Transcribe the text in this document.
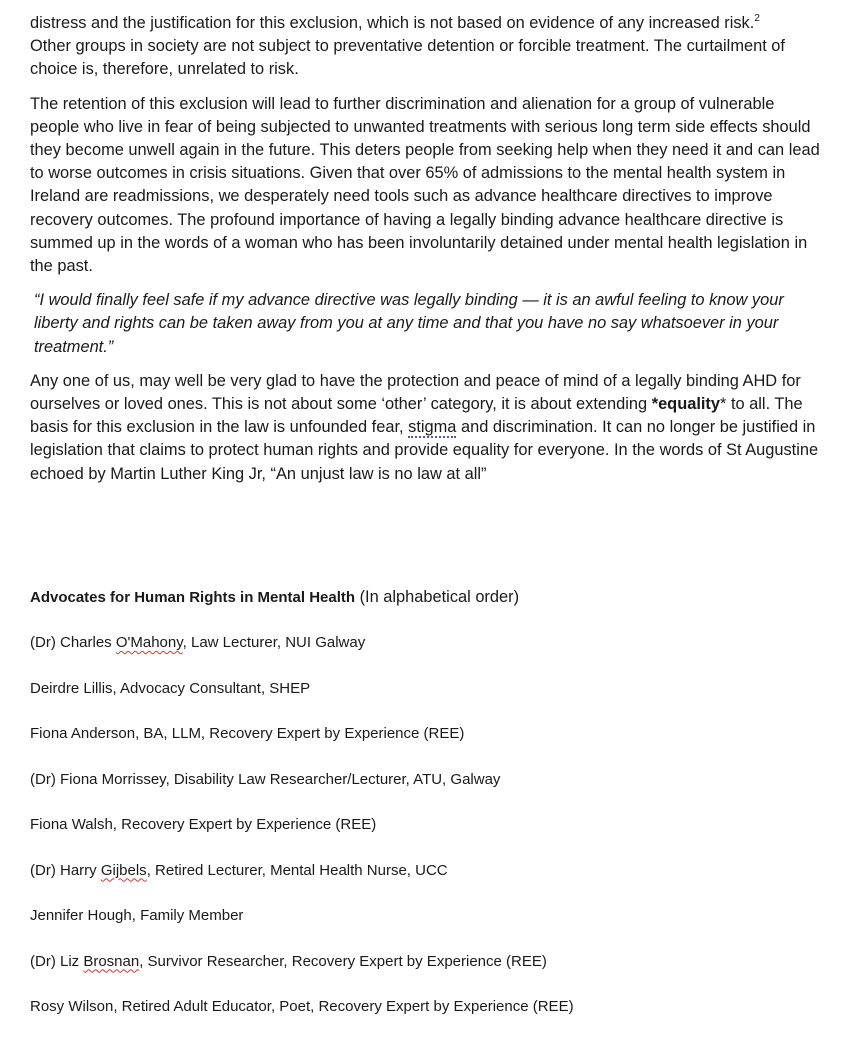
distress and the justification for this exclusion, which is not based on evidence of any increased risk.$^2$
Other groups in society are not subject to preventative detention or forcible treatment. The curtailment of choice is, therefore, unrelated to risk.

The retention of this exclusion will lead to further discrimination and alienation for a group of vulnerable people who live in fear of being subjected to unwanted treatments with serious long term side effects should they become unwell again in the future. This deters people from seeking help when they need it and can lead to worse outcomes in crisis situations. Given that over 65% of admissions to the mental health system in Ireland are readmissions, we desperately need tools such as advance healthcare directives to improve recovery outcomes. The profound importance of having a legally binding advance healthcare directive is summed up in the words of a woman who has been involuntarily detained under mental health legislation in the past.

“I would finally feel safe if my advance directive was legally binding — it is an awful feeling to know your liberty and rights can be taken away from you at any time and that you have no say whatsoever in your treatment.”

Any one of us, may well be very glad to have the protection and peace of mind of a legally binding AHD for ourselves or loved ones. This is not about some ‘other’ category, it is about extending *equality* to all. The basis for this exclusion in the law is unfounded fear, stigma and discrimination. It can no longer be justified in legislation that claims to protect human rights and provide equality for everyone. In the words of St Augustine echoed by Martin Luther King Jr, “An unjust law is no law at all”

Advocates for Human Rights in Mental Health (In alphabetical order)

(Dr) Charles O'Mahony, Law Lecturer, NUI Galway

Deirdre Lillis, Advocacy Consultant, SHEP

Fiona Anderson, BA, LLM, Recovery Expert by Experience (REE)

(Dr) Fiona Morrissey, Disability Law Researcher/Lecturer, ATU, Galway

Fiona Walsh, Recovery Expert by Experience (REE)

(Dr) Harry Gijbels, Retired Lecturer, Mental Health Nurse, UCC

Jennifer Hough, Family Member

(Dr) Liz Brosnan, Survivor Researcher, Recovery Expert by Experience (REE)

Rosy Wilson, Retired Adult Educator, Poet, Recovery Expert by Experience (REE)
